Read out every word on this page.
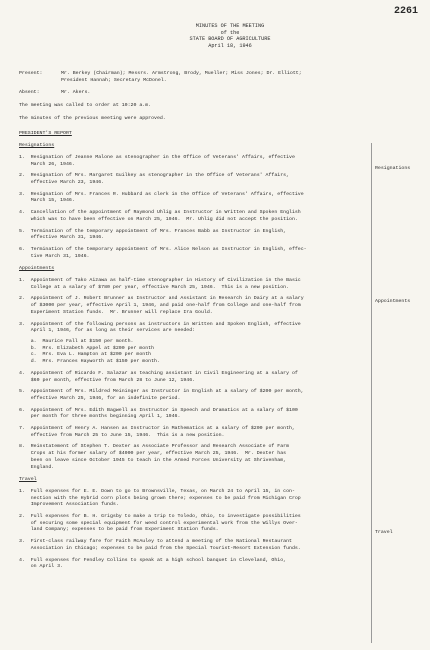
2261
MINUTES OF THE MEETING
of the
STATE BOARD OF AGRICULTURE
April 18, 1946
Present:	Mr. Berkey (Chairman); Messrs. Armstrong, Brody, Mueller; Miss Jones; Dr. Elliott;
President Hannah; Secretary McDonel.
Absent:	Mr. Akers.
The meeting was called to order at 10:20 a.m.
The minutes of the previous meeting were approved.
PRESIDENT'S REPORT
Resignations
1.  Resignation of Jeanne Malone as stenographer in the Office of Veterans' Affairs, effective
March 26, 1946.
2.  Resignation of Mrs. Margaret Guilkey as stenographer in the Office of Veterans' Affairs,
effective March 23, 1946.
3.  Resignation of Mrs. Frances R. Hubbard as clerk in the Office of Veterans' Affairs, effective
March 15, 1946.
4.  Cancellation of the appointment of Raymond Uhlig as Instructor in Written and Spoken English
which was to have been effective on March 25, 1946.  Mr. Uhlig did not accept the position.
5.  Termination of the temporary appointment of Mrs. Frances Babb as Instructor in English,
effective March 31, 1946.
6.  Termination of the temporary appointment of Mrs. Alice Nelson as Instructor in English, effec-
tive March 31, 1946.
Appointments
1.  Appointment of Tako Aizawa as half-time stenographer in History of Civilization in the Basic
College at a salary of $780 per year, effective March 25, 1946.  This is a new position.
2.  Appointment of J. Robert Brunner as Instructor and Assistant in Research in Dairy at a salary
of $3000 per year, effective April 1, 1946, and paid one-half from College and one-half from
Experiment Station funds.  Mr. Brunner will replace Ira Gould.
3.  Appointment of the following persons as instructors in Written and Spoken English, effective
April 1, 1946, for as long as their services are needed:
a.  Maurice Fall at $150 per month.
b.  Mrs. Elizabeth Appel at $200 per month
c.  Mrs. Eva L. Hampton at $200 per month
d.  Mrs. Frances Hayworth at $150 per month.
4.  Appointment of Ricardo F. Salazar as teaching assistant in Civil Engineering at a salary of
$60 per month, effective from March 28 to June 12, 1946.
5.  Appointment of Mrs. Mildred Meininger as Instructor in English at a salary of $200 per month,
effective March 25, 1946, for an indefinite period.
6.  Appointment of Mrs. Edith Bagwell as Instructor in Speech and Dramatics at a salary of $100
per month for three months beginning April 1, 1946.
7.  Appointment of Henry A. Hansen as Instructor in Mathematics at a salary of $200 per month,
effective from March 25 to June 15, 1946.  This is a new position.
8.  Reinstatement of Stephen T. Dexter as Associate Professor and Research Associate of Farm
Crops at his former salary of $4000 per year, effective March 25, 1946.  Mr. Dexter has
been on leave since October 1945 to teach in the Armed Forces University at Shrivenham,
England.
Travel
1.  Full expenses for E. E. Down to go to Brownsville, Texas, on March 24 to April 15, in con-
nection with the Hybrid corn plots being grown there; expenses to be paid from Michigan Crop
Improvement Association funds.
2.  Full expenses for B. H. Grigsby to make a trip to Toledo, Ohio, to investigate possibilities
of securing some special equipment for weed control experimental work from the Willys Over-
land Company; expenses to be paid from Experiment Station funds.
3.  First-class railway fare for Faith McAuley to attend a meeting of the National Restaurant
Association in Chicago; expenses to be paid from the Special Tourist-Resort Extension funds.
4.  Full expenses for Fendley Collins to speak at a high school banquet in Cleveland, Ohio,
on April 3.
Resignations
Appointments
Travel
